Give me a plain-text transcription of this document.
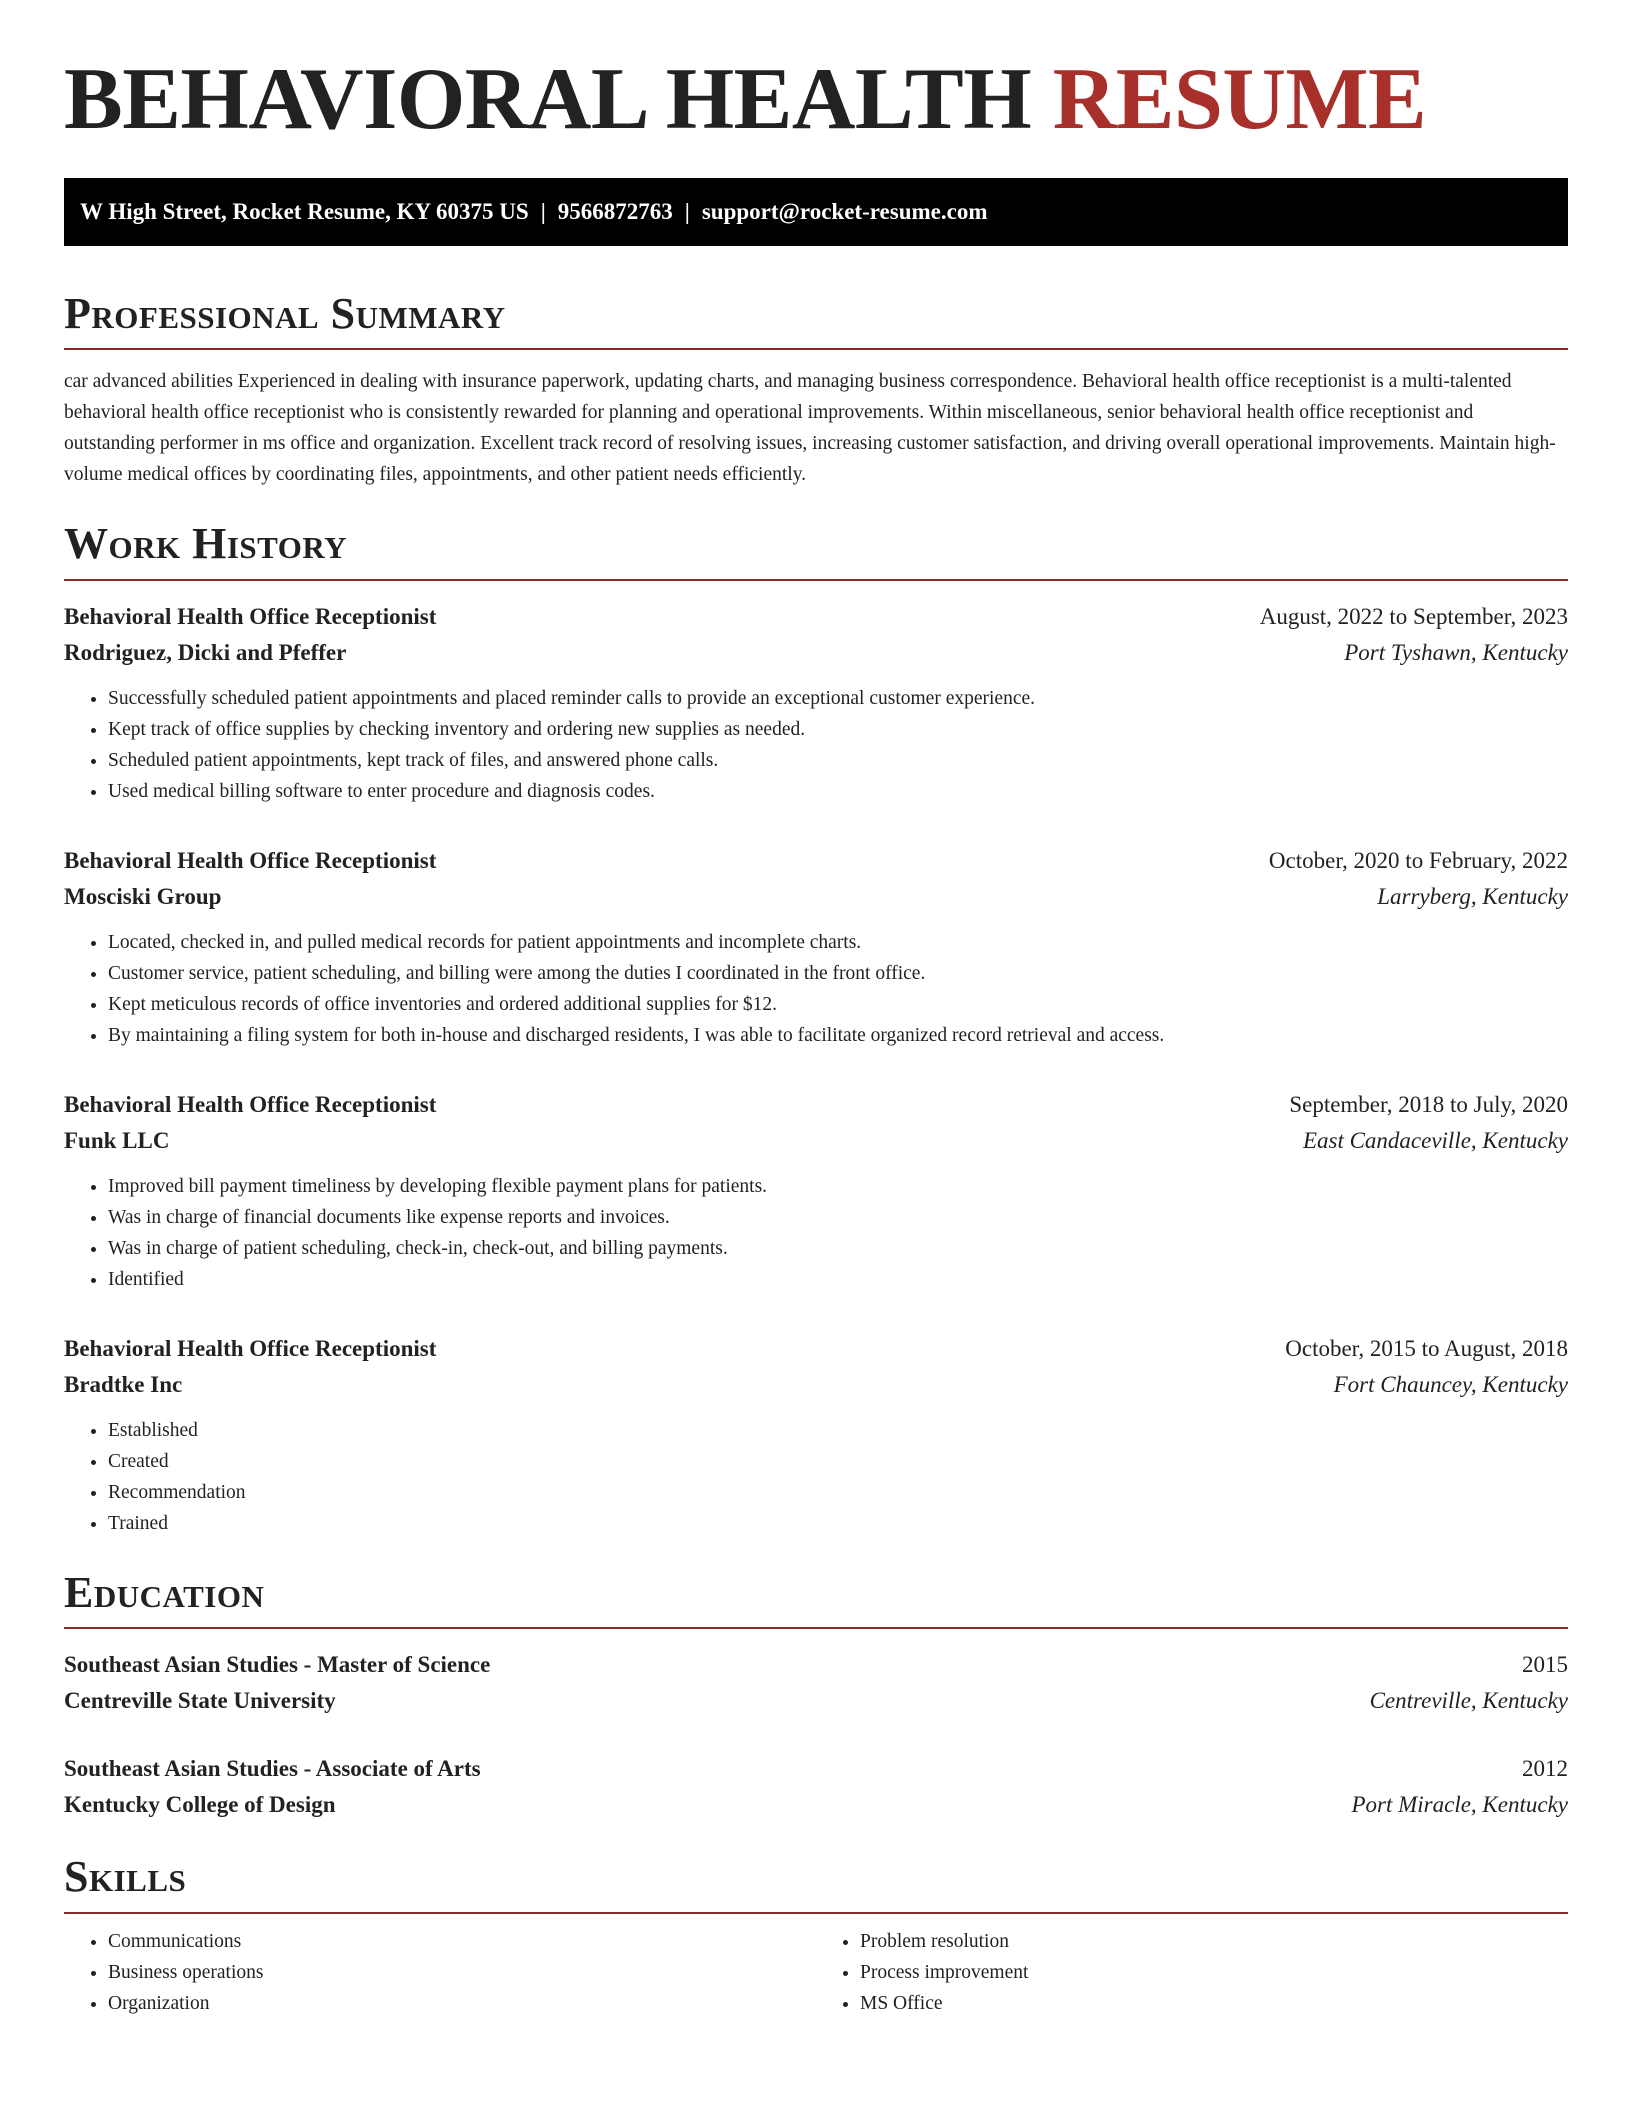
BEHAVIORAL HEALTH RESUME
W High Street, Rocket Resume, KY 60375 US | 9566872763 | support@rocket-resume.com
Professional Summary

car advanced abilities Experienced in dealing with insurance paperwork, updating charts, and managing business correspondence. Behavioral health office receptionist is a multi-talented behavioral health office receptionist who is consistently rewarded for planning and operational improvements. Within miscellaneous, senior behavioral health office receptionist and outstanding performer in ms office and organization. Excellent track record of resolving issues, increasing customer satisfaction, and driving overall operational improvements. Maintain high-volume medical offices by coordinating files, appointments, and other patient needs efficiently.

Work History
Behavioral Health Office Receptionist	August, 2022 to September, 2023
Rodriguez, Dicki and Pfeffer	Port Tyshawn, Kentucky
• Successfully scheduled patient appointments and placed reminder calls to provide an exceptional customer experience.
• Kept track of office supplies by checking inventory and ordering new supplies as needed.
• Scheduled patient appointments, kept track of files, and answered phone calls.
• Used medical billing software to enter procedure and diagnosis codes.
Behavioral Health Office Receptionist	October, 2020 to February, 2022
Mosciski Group	Larryberg, Kentucky
• Located, checked in, and pulled medical records for patient appointments and incomplete charts.
• Customer service, patient scheduling, and billing were among the duties I coordinated in the front office.
• Kept meticulous records of office inventories and ordered additional supplies for $12.
• By maintaining a filing system for both in-house and discharged residents, I was able to facilitate organized record retrieval and access.
Behavioral Health Office Receptionist	September, 2018 to July, 2020
Funk LLC	East Candaceville, Kentucky
• Improved bill payment timeliness by developing flexible payment plans for patients.
• Was in charge of financial documents like expense reports and invoices.
• Was in charge of patient scheduling, check-in, check-out, and billing payments.
• Identified
Behavioral Health Office Receptionist	October, 2015 to August, 2018
Bradtke Inc	Fort Chauncey, Kentucky
• Established
• Created
• Recommendation
• Trained
Education
Southeast Asian Studies - Master of Science	2015
Centreville State University	Centreville, Kentucky
Southeast Asian Studies - Associate of Arts	2012
Kentucky College of Design	Port Miracle, Kentucky
Skills
• Communications
• Business operations
• Organization
• Problem resolution
• Process improvement
• MS Office
